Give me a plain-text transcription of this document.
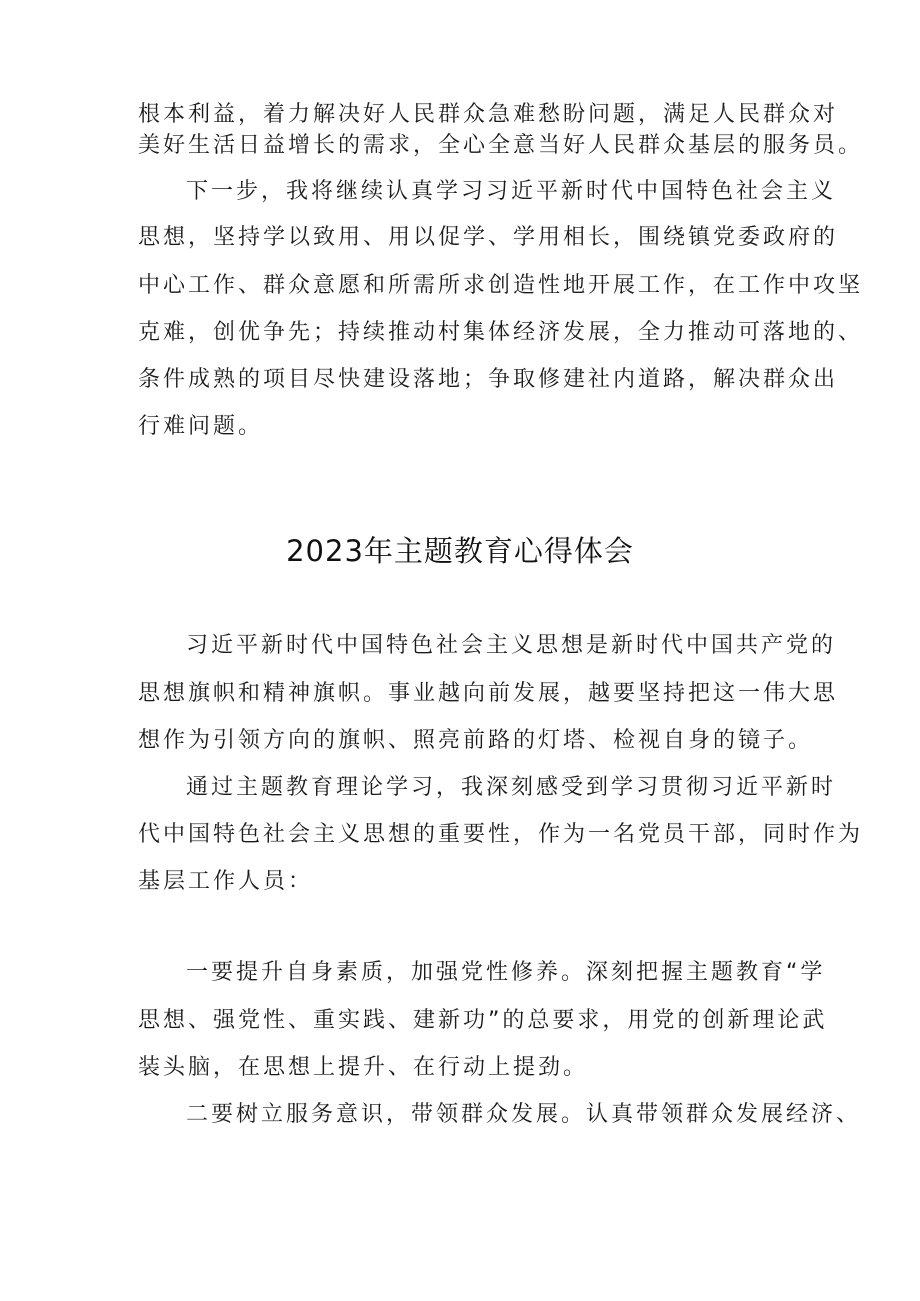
根本利益，着力解决好人民群众急难愁盼问题，满足人民群众对
美好生活日益增长的需求，全心全意当好人民群众基层的服务员。
下一步，我将继续认真学习习近平新时代中国特色社会主义
思想，坚持学以致用、用以促学、学用相长，围绕镇党委政府的
中心工作、群众意愿和所需所求创造性地开展工作，在工作中攻坚
克难，创优争先；持续推动村集体经济发展，全力推动可落地的、
条件成熟的项目尽快建设落地；争取修建社内道路，解决群众出
行难问题。
2023年主题教育心得体会
习近平新时代中国特色社会主义思想是新时代中国共产党的
思想旗帜和精神旗帜。事业越向前发展，越要坚持把这一伟大思
想作为引领方向的旗帜、照亮前路的灯塔、检视自身的镜子。
通过主题教育理论学习，我深刻感受到学习贯彻习近平新时
代中国特色社会主义思想的重要性，作为一名党员干部，同时作为
基层工作人员：
一要提升自身素质，加强党性修养。深刻把握主题教育“学
思想、强党性、重实践、建新功”的总要求，用党的创新理论武
装头脑，在思想上提升、在行动上提劲。
二要树立服务意识，带领群众发展。认真带领群众发展经济、
